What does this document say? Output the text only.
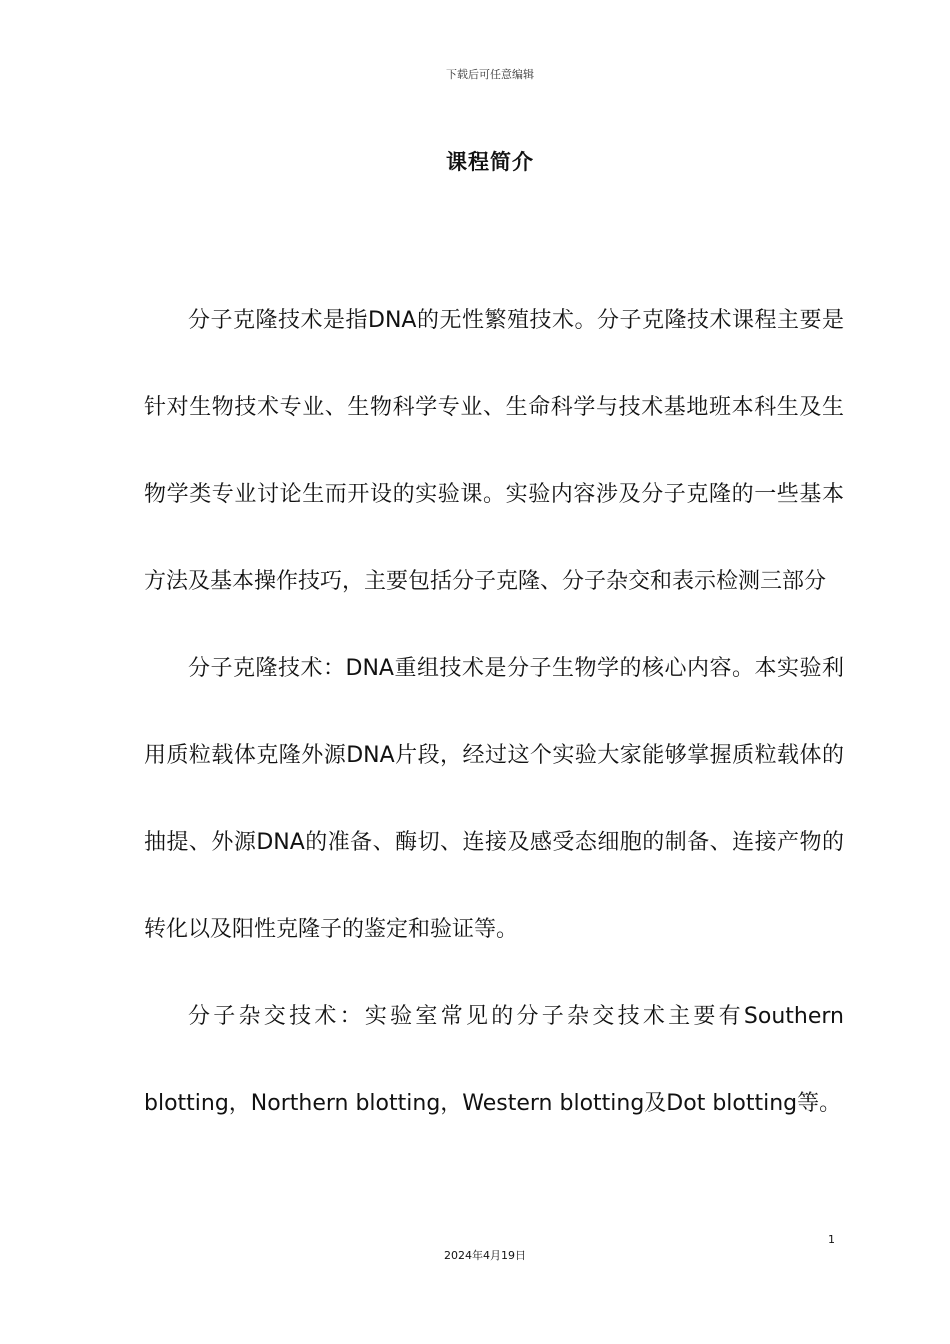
下载后可任意编辑
课程简介

分子克隆技术是指DNA的无性繁殖技术。分子克隆技术课程主要是针对生物技术专业、生物科学专业、生命科学与技术基地班本科生及生物学类专业讨论生而开设的实验课。实验内容涉及分子克隆的一些基本方法及基本操作技巧，主要包括分子克隆、分子杂交和表示检测三部分

分子克隆技术：DNA重组技术是分子生物学的核心内容。本实验利用质粒载体克隆外源DNA片段，经过这个实验大家能够掌握质粒载体的抽提、外源DNA的准备、酶切、连接及感受态细胞的制备、连接产物的转化以及阳性克隆子的鉴定和验证等。

分子杂交技术：实验室常见的分子杂交技术主要有Southern blotting，Northern blotting，Western blotting及Dot blotting等。

1
2024年4月19日
